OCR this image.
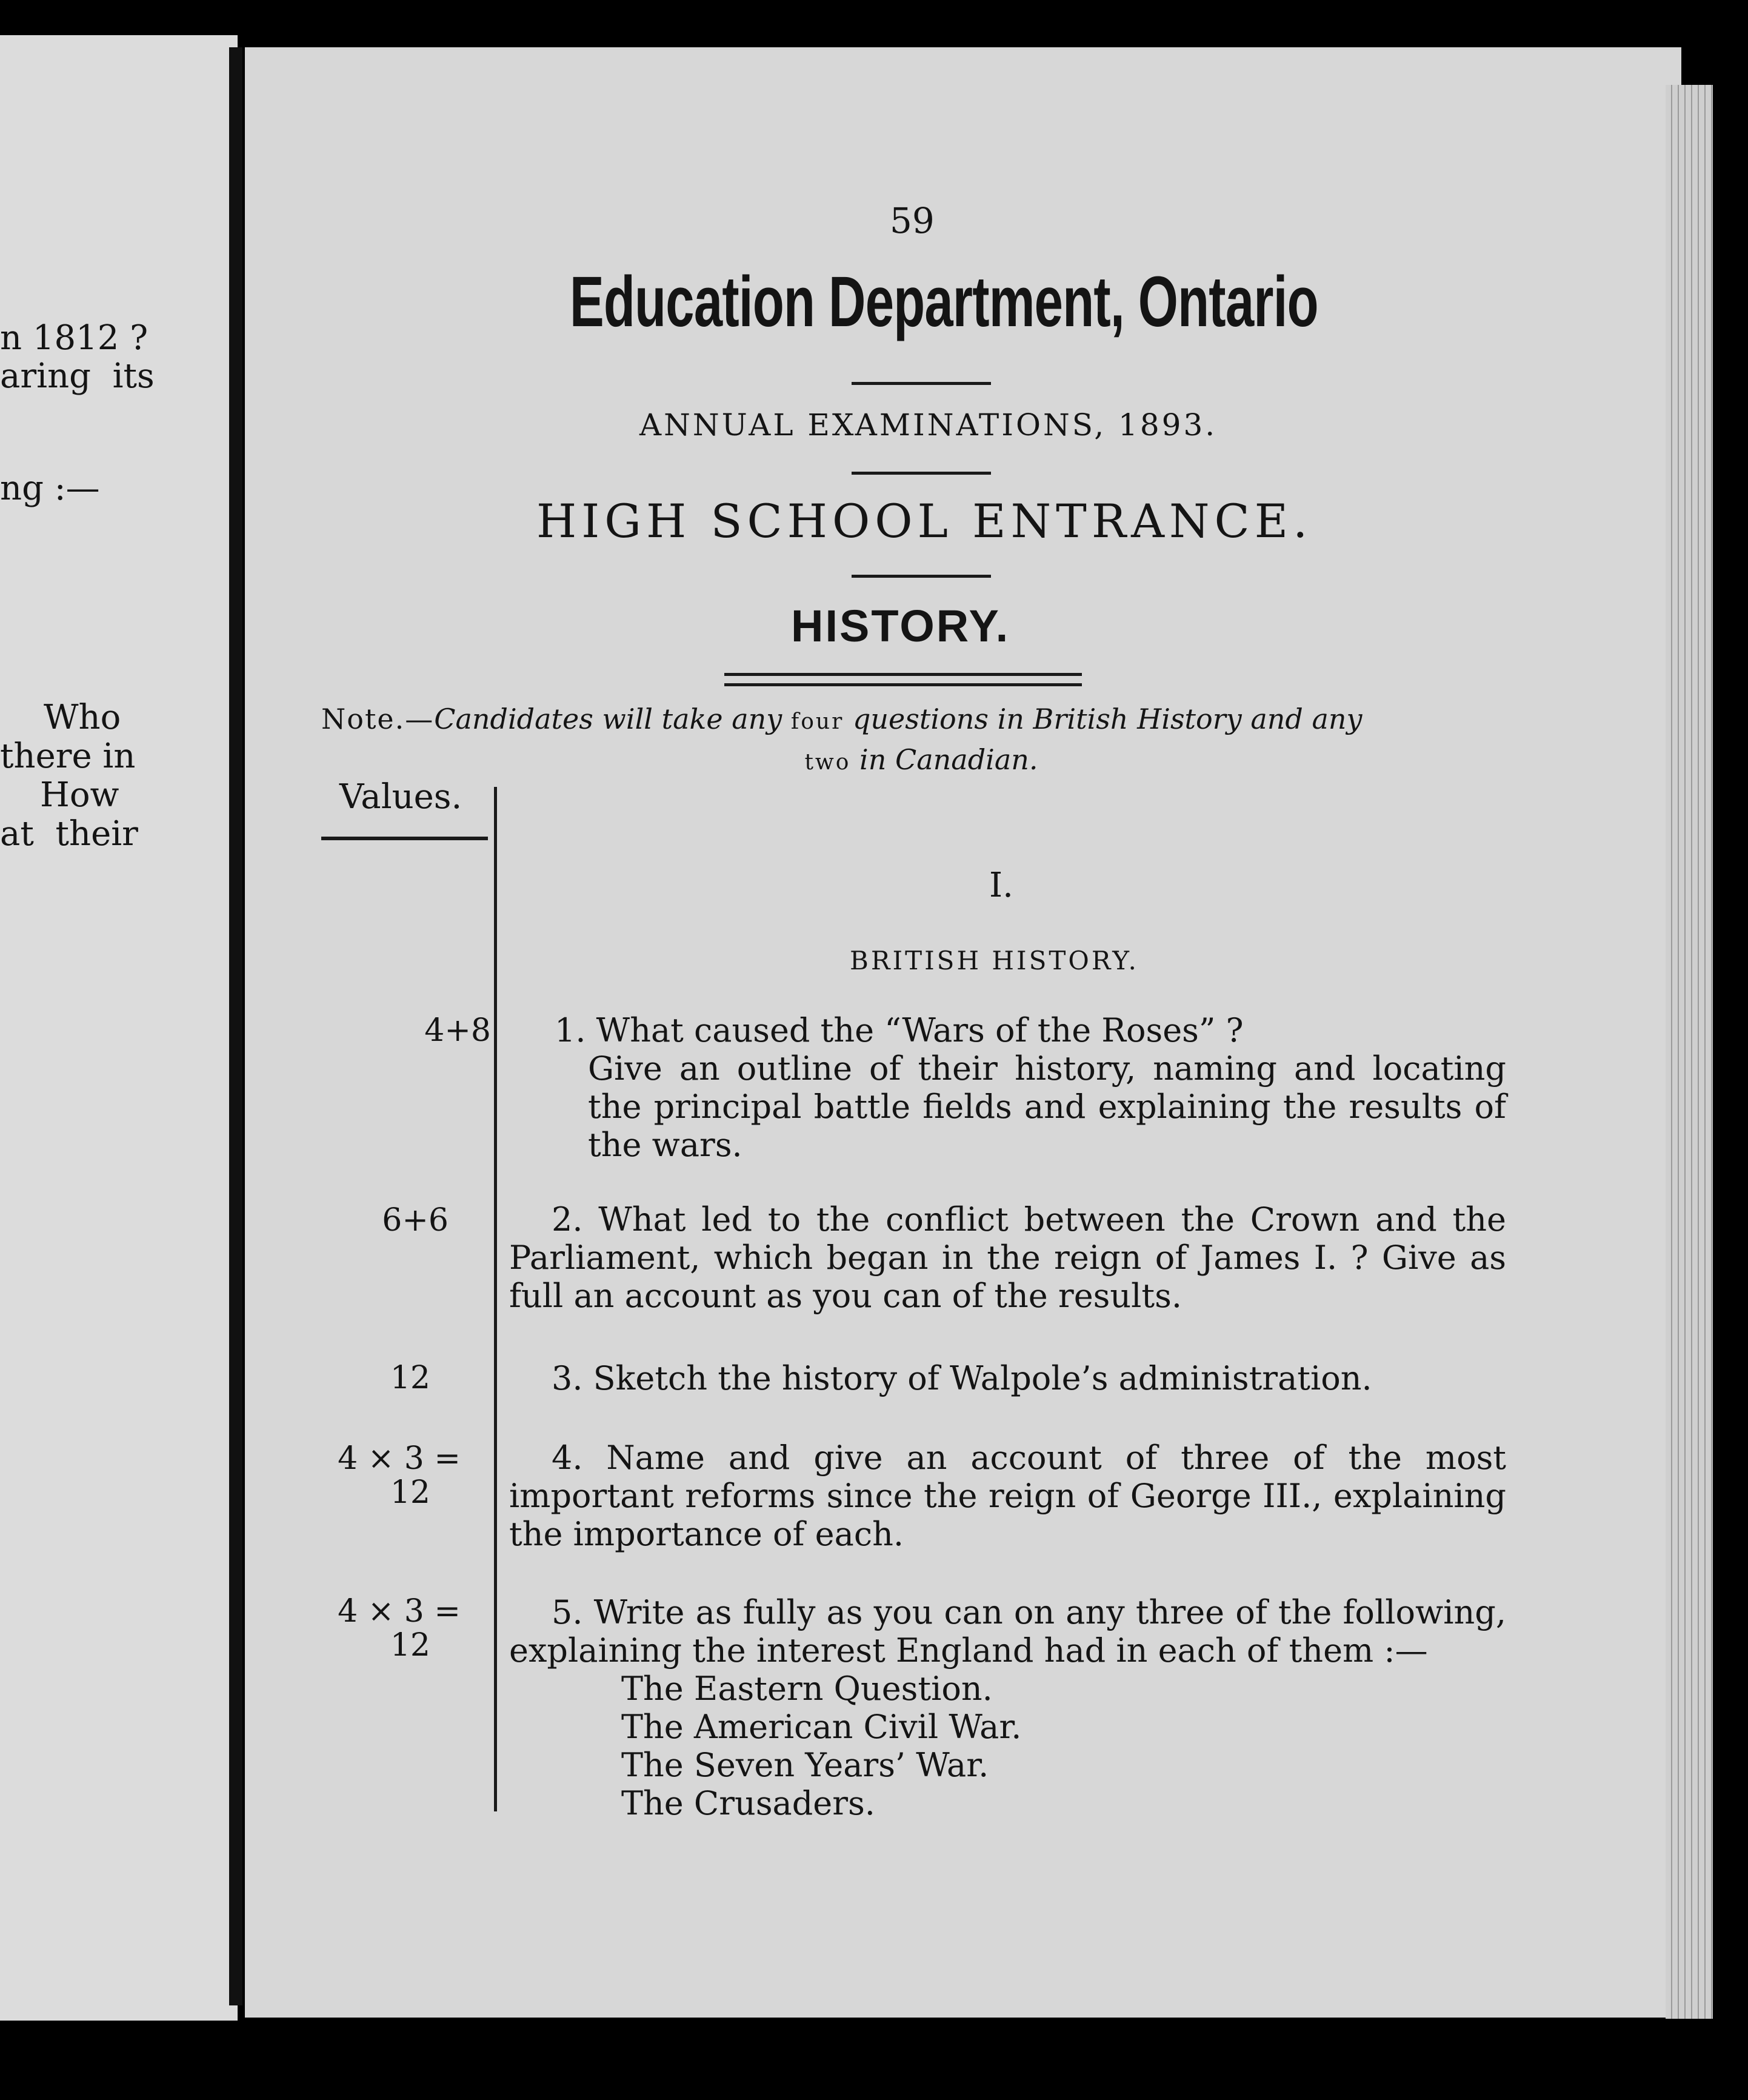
n 1812 ?
aring  its
ng :—
Who
there in
How
at  their
59
Education Department, Ontario
ANNUAL EXAMINATIONS, 1893.
HIGH SCHOOL ENTRANCE.
HISTORY.
Note.—Candidates will take any four questions in British History and any
two in Canadian.
Values.
4+8
6+6
12
4 × 3 =
12
4 × 3 =
12
I.
BRITISH HISTORY.
1. What caused the “Wars of the Roses” ?
Give an outline of their history, naming and locating the principal battle fields and explaining the results of the wars.
2. What led to the conflict between the Crown and the Parliament, which began in the reign of James I. ? Give as full an account as you can of the results.
3. Sketch the history of Walpole’s administration.
4. Name and give an account of three of the most important reforms since the reign of George III., explaining the importance of each.
5. Write as fully as you can on any three of the following, explaining the interest England had in each of them :—
The Eastern Question.
The American Civil War.
The Seven Years’ War.
The Crusaders.
